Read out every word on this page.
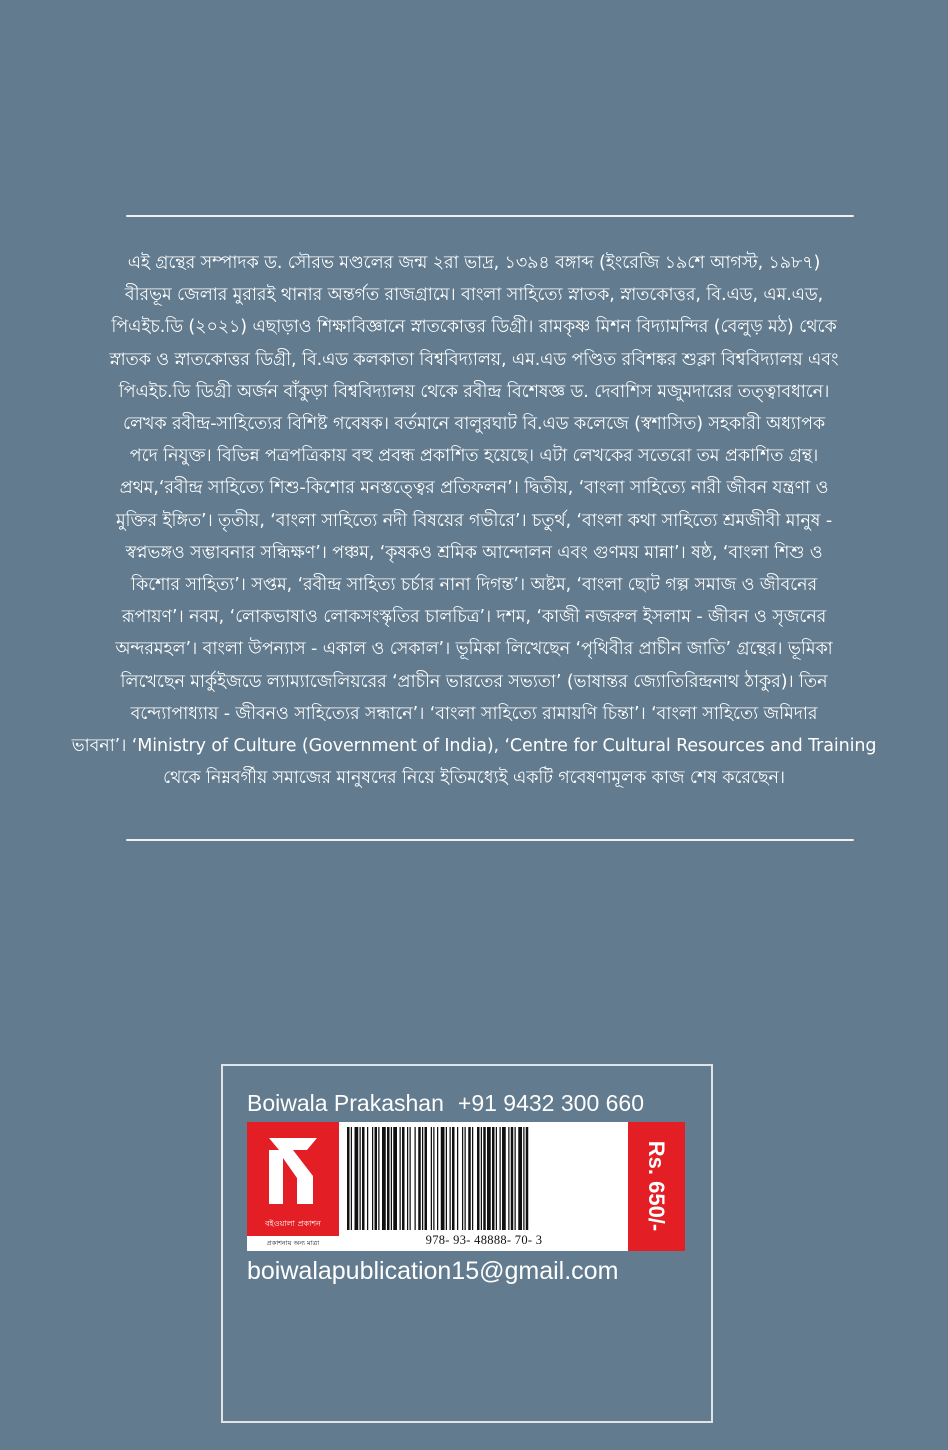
এই গ্রন্থের সম্পাদক ড. সৌরভ মণ্ডলের জন্ম ২রা ভাদ্র, ১৩৯৪ বঙ্গাব্দ (ইংরেজি ১৯শে আগস্ট, ১৯৮৭)
বীরভূম জেলার মুরারই থানার অন্তর্গত রাজগ্রামে। বাংলা সাহিত্যে স্নাতক, স্নাতকোত্তর, বি.এড, এম.এড,
পিএইচ.ডি (২০২১) এছাড়াও শিক্ষাবিজ্ঞানে স্নাতকোত্তর ডিগ্রী। রামকৃষ্ণ মিশন বিদ্যামন্দির (বেলুড় মঠ) থেকে
স্নাতক ও স্নাতকোত্তর ডিগ্রী, বি.এড কলকাতা বিশ্ববিদ্যালয়, এম.এড পণ্ডিত রবিশঙ্কর শুক্লা বিশ্ববিদ্যালয় এবং
পিএইচ.ডি ডিগ্রী অর্জন বাঁকুড়া বিশ্ববিদ্যালয় থেকে রবীন্দ্র বিশেষজ্ঞ ড. দেবাশিস মজুমদারের তত্ত্বাবধানে।
লেখক রবীন্দ্র-সাহিত্যের বিশিষ্ট গবেষক। বর্তমানে বালুরঘাট বি.এড কলেজে (স্বশাসিত) সহকারী অধ্যাপক
পদে নিযুক্ত। বিভিন্ন পত্রপত্রিকায় বহু প্রবন্ধ প্রকাশিত হয়েছে। এটা লেখকের সতেরো তম প্রকাশিত গ্রন্থ।
প্রথম,‘রবীন্দ্র সাহিত্যে শিশু-কিশোর মনস্তত্ত্বের প্রতিফলন’। দ্বিতীয়, ‘বাংলা সাহিত্যে নারী জীবন যন্ত্রণা ও
মুক্তির ইঙ্গিত’। তৃতীয়, ‘বাংলা সাহিত্যে নদী বিষয়ের গভীরে’। চতুর্থ, ‘বাংলা কথা সাহিত্যে শ্রমজীবী মানুষ -
স্বপ্নভঙ্গও সম্ভাবনার সন্ধিক্ষণ’। পঞ্চম, ‘কৃষকও শ্রমিক আন্দোলন এবং গুণময় মান্না’। ষষ্ঠ, ‘বাংলা শিশু ও
কিশোর সাহিত্য’। সপ্তম, ‘রবীন্দ্র সাহিত্য চর্চার নানা দিগন্ত’। অষ্টম, ‘বাংলা ছোট গল্প সমাজ ও জীবনের
রূপায়ণ’। নবম, ‘লোকভাষাও লোকসংস্কৃতির চালচিত্র’। দশম, ‘কাজী নজরুল ইসলাম - জীবন ও সৃজনের
অন্দরমহল’। বাংলা উপন্যাস - একাল ও সেকাল’। ভূমিকা লিখেছেন ‘পৃথিবীর প্রাচীন জাতি’ গ্রন্থের। ভূমিকা
লিখেছেন মার্কুইজডে ল্যাম্যাজেলিয়রের ‘প্রাচীন ভারতের সভ্যতা’ (ভাষান্তর জ্যোতিরিন্দ্রনাথ ঠাকুর)। তিন
বন্দ্যোপাধ্যায় - জীবনও সাহিত্যের সন্ধানে’। ‘বাংলা সাহিত্যে রামায়ণি চিন্তা’। ‘বাংলা সাহিত্যে জমিদার
ভাবনা’। ‘Ministry of Culture (Government of India), ‘Centre for Cultural Resources and Training
থেকে নিম্নবর্গীয় সমাজের মানুষদের নিয়ে ইতিমধ্যেই একটি গবেষণামূলক কাজ শেষ করেছেন।

Boiwala Prakashan +91 9432 300 660
বইওয়ালা প্রকাশন
প্রকাশনায় অন্য মাত্রা	978- 93- 48888- 70- 3
Rs. 650/-
boiwalapublication15@gmail.com
